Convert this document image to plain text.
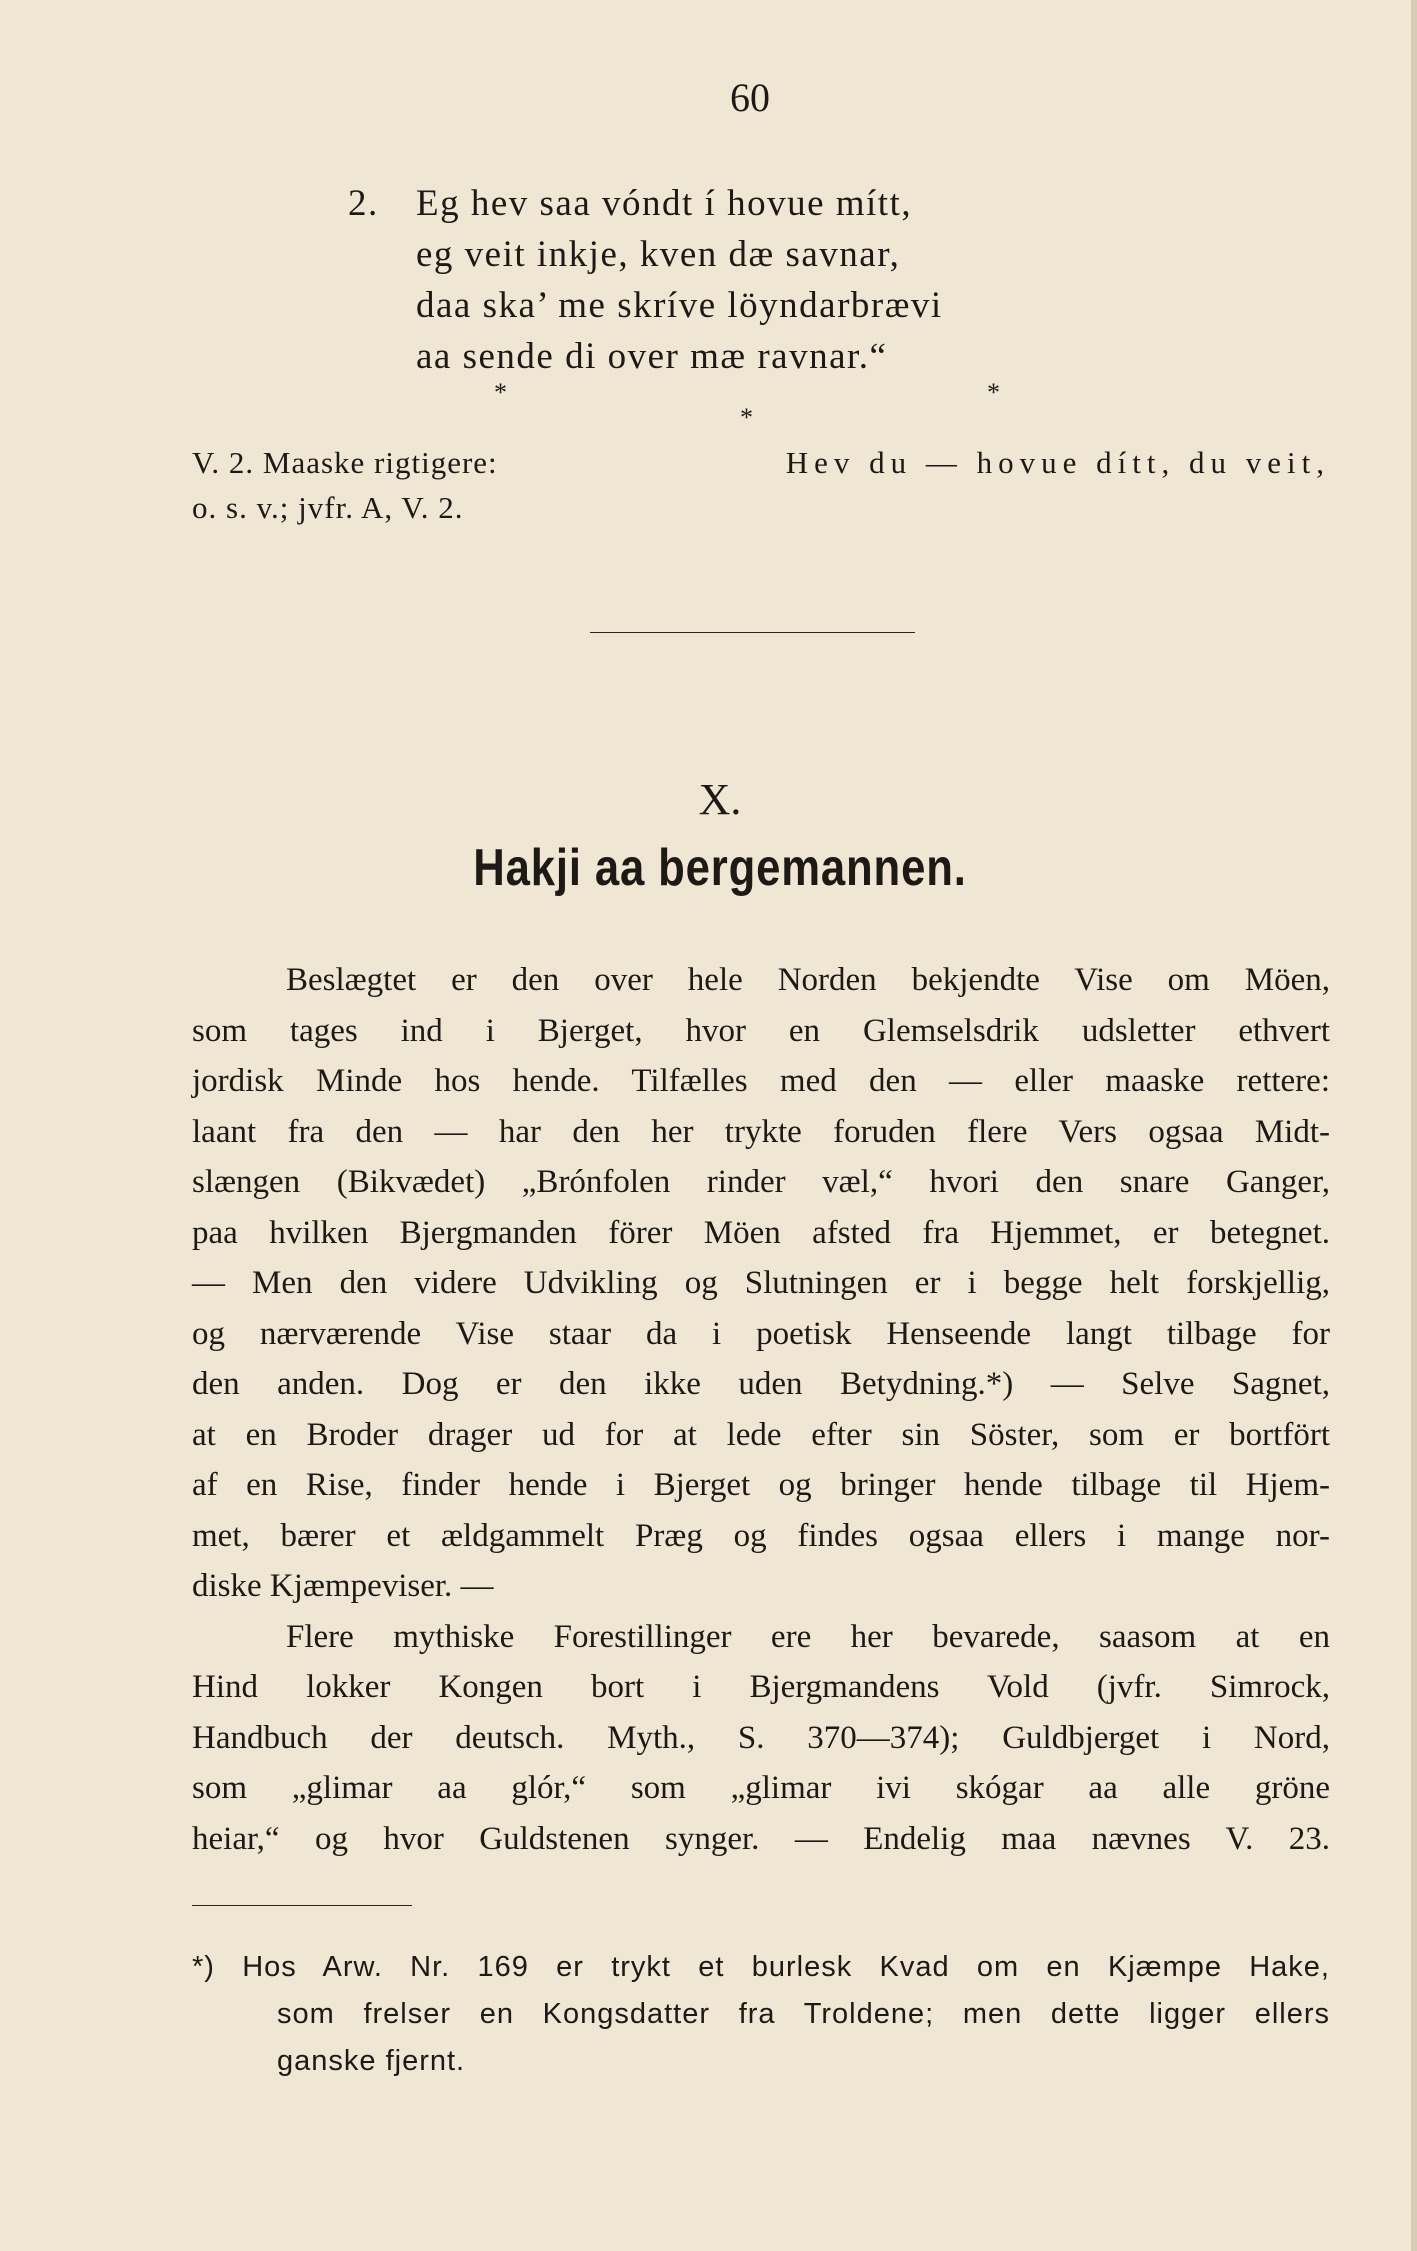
60
2. Eg hev saa vóndt í hovue mítt,
eg veit inkje, kven dæ savnar,
daa ska’ me skríve löyndarbrævi
aa sende di over mæ ravnar.“
*	*
*
V. 2. Maaske rigtigere:	Hev du — hovue dítt, du veit,
o. s. v.; jvfr. A, V. 2.
X.
Hakji aa bergemannen.
Beslægtet er den over hele Norden bekjendte Vise om Möen,
som tages ind i Bjerget, hvor en Glemselsdrik udsletter ethvert
jordisk Minde hos hende. Tilfælles med den — eller maaske rettere:
laant fra den — har den her trykte foruden flere Vers ogsaa Midt-
slængen (Bikvædet) „Brónfolen rinder væl,“ hvori den snare Ganger,
paa hvilken Bjergmanden förer Möen afsted fra Hjemmet, er betegnet.
— Men den videre Udvikling og Slutningen er i begge helt forskjellig,
og nærværende Vise staar da i poetisk Henseende langt tilbage for
den anden. Dog er den ikke uden Betydning.*) — Selve Sagnet,
at en Broder drager ud for at lede efter sin Söster, som er bortfört
af en Rise, finder hende i Bjerget og bringer hende tilbage til Hjem-
met, bærer et ældgammelt Præg og findes ogsaa ellers i mange nor-
diske Kjæmpeviser. —
Flere mythiske Forestillinger ere her bevarede, saasom at en
Hind lokker Kongen bort i Bjergmandens Vold (jvfr. Simrock,
Handbuch der deutsch. Myth., S. 370—374); Guldbjerget i Nord,
som „glimar aa glór,“ som „glimar ivi skógar aa alle gröne
heiar,“ og hvor Guldstenen synger. — Endelig maa nævnes V. 23.
*) Hos Arw. Nr. 169 er trykt et burlesk Kvad om en Kjæmpe Hake,
som frelser en Kongsdatter fra Troldene; men dette ligger ellers
ganske fjernt.
